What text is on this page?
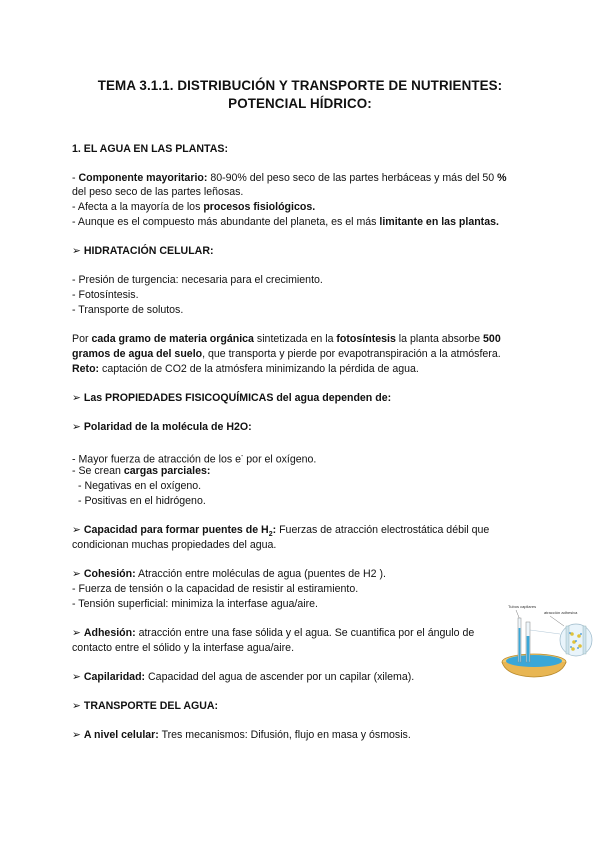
TEMA 3.1.1. DISTRIBUCIÓN Y TRANSPORTE DE NUTRIENTES:
POTENCIAL HÍDRICO:
1. EL AGUA EN LAS PLANTAS:
- Componente mayoritario: 80-90% del peso seco de las partes herbáceas y más del 50 %
del peso seco de las partes leñosas.
- Afecta a la mayoría de los procesos fisiológicos.
- Aunque es el compuesto más abundante del planeta, es el más limitante en las plantas.
➢ HIDRATACIÓN CELULAR:
- Presión de turgencia: necesaria para el crecimiento.
- Fotosíntesis.
- Transporte de solutos.
Por cada gramo de materia orgánica sintetizada en la fotosíntesis la planta absorbe 500
gramos de agua del suelo, que transporta y pierde por evapotranspiración a la atmósfera.
Reto: captación de CO2 de la atmósfera minimizando la pérdida de agua.
➢ Las PROPIEDADES FISICOQUÍMICAS del agua dependen de:
➢ Polaridad de la molécula de H2O:
- Mayor fuerza de atracción de los e- por el oxígeno.
- Se crean cargas parciales:
- Negativas en el oxígeno.
- Positivas en el hidrógeno.
➢ Capacidad para formar puentes de $H_2$: Fuerzas de atracción electrostática débil que
condicionan muchas propiedades del agua.
➢ Cohesión: Atracción entre moléculas de agua (puentes de H2 ).
- Fuerza de tensión o la capacidad de resistir al estiramiento.
- Tensión superficial: minimiza la interfase agua/aire.
➢ Adhesión: atracción entre una fase sólida y el agua. Se cuantifica por el ángulo de
contacto entre el sólido y la interfase agua/aire.
➢ Capilaridad: Capacidad del agua de ascender por un capilar (xilema).
➢ TRANSPORTE DEL AGUA:
➢ A nivel celular: Tres mecanismos: Difusión, flujo en masa y ósmosis.
Tubos capilares
atracción adhesiva
